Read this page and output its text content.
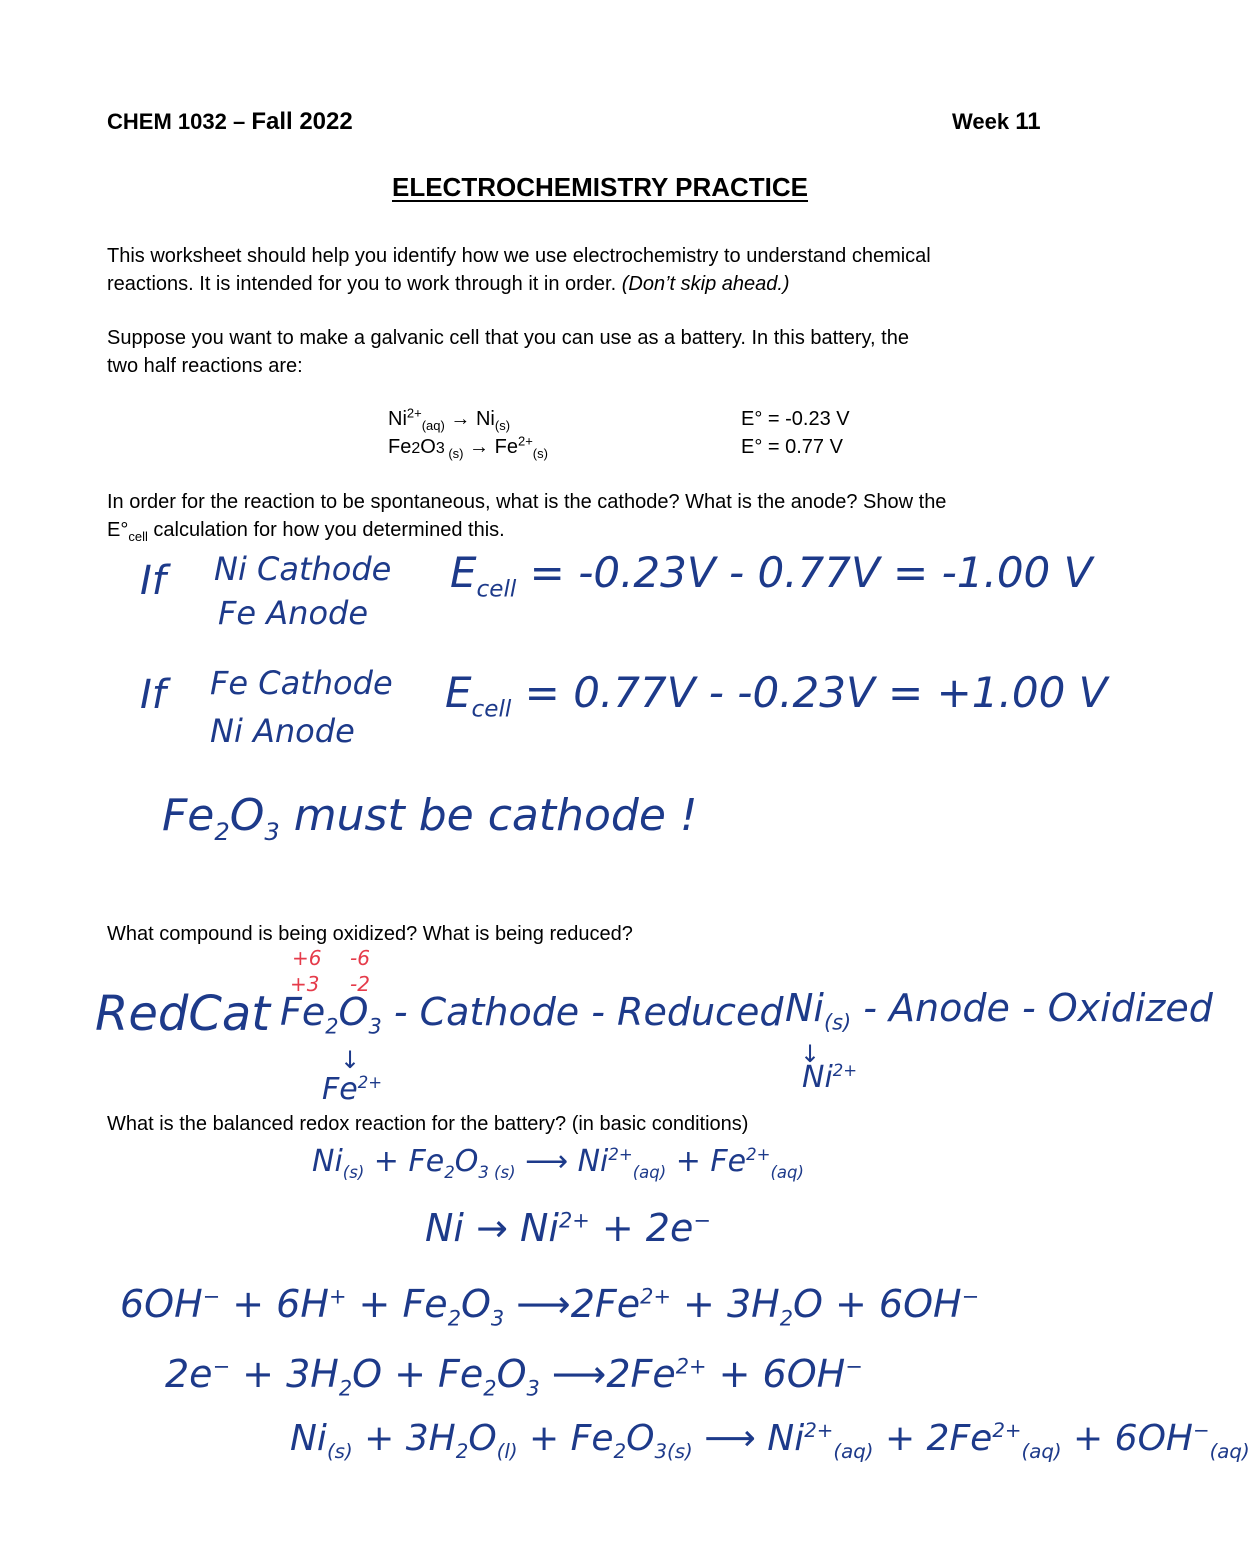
CHEM 1032 – Fall 2022	Week 11
ELECTROCHEMISTRY PRACTICE
This worksheet should help you identify how we use electrochemistry to understand chemical
reactions. It is intended for you to work through it in order. (Don’t skip ahead.)
Suppose you want to make a galvanic cell that you can use as a battery. In this battery, the
two half reactions are:
$Ni^{2+}_{(aq)} \to Ni_{(s)}$	E° = -0.23 V
Fe2O3 $_{(s)} \to Fe^{2+}_{(s)}$	E° = 0.77 V
In order for the reaction to be spontaneous, what is the cathode? What is the anode? Show the
$E^\circ_{cell}$ calculation for how you determined this.
If Ni Cathode
Fe Anode
$E_{cell} = -0.23V - 0.77V = -1.00$ V
If Fe Cathode
Ni Anode
$E_{cell} = 0.77V - -0.23V = +1.00$ V
$Fe_2O_3$ must be cathode !
What compound is being oxidized? What is being reduced?
+6 -6
+3 -2
RedCat $Fe_2O_3$ - Cathode - Reduced $Ni_{(s)}$ - Anode - Oxidized
↓	↓
$Fe^{2+}$	$Ni^{2+}$
What is the balanced redox reaction for the battery? (in basic conditions)
$Ni_{(s)} + Fe_2O_{3 (s)}$ ⟶ $Ni^{2+}_{(aq)} + Fe^{2+}_{(aq)}$
$Ni \to Ni^{2+} + 2e^-$
$6OH^- + 6H^+ + Fe_2O_3$ $⟶2Fe^{2+} + 3H_2O + 6OH^-$
$2e^- + 3H_2O + Fe_2O_3$ $⟶2Fe^{2+} + 6OH^-$
$Ni_{(s)} + 3H_2O_{(l)} + Fe_2O_{3(s)}$ ⟶ $Ni^{2+}_{(aq)} + 2Fe^{2+}_{(aq)} + 6OH^-_{(aq)}$
